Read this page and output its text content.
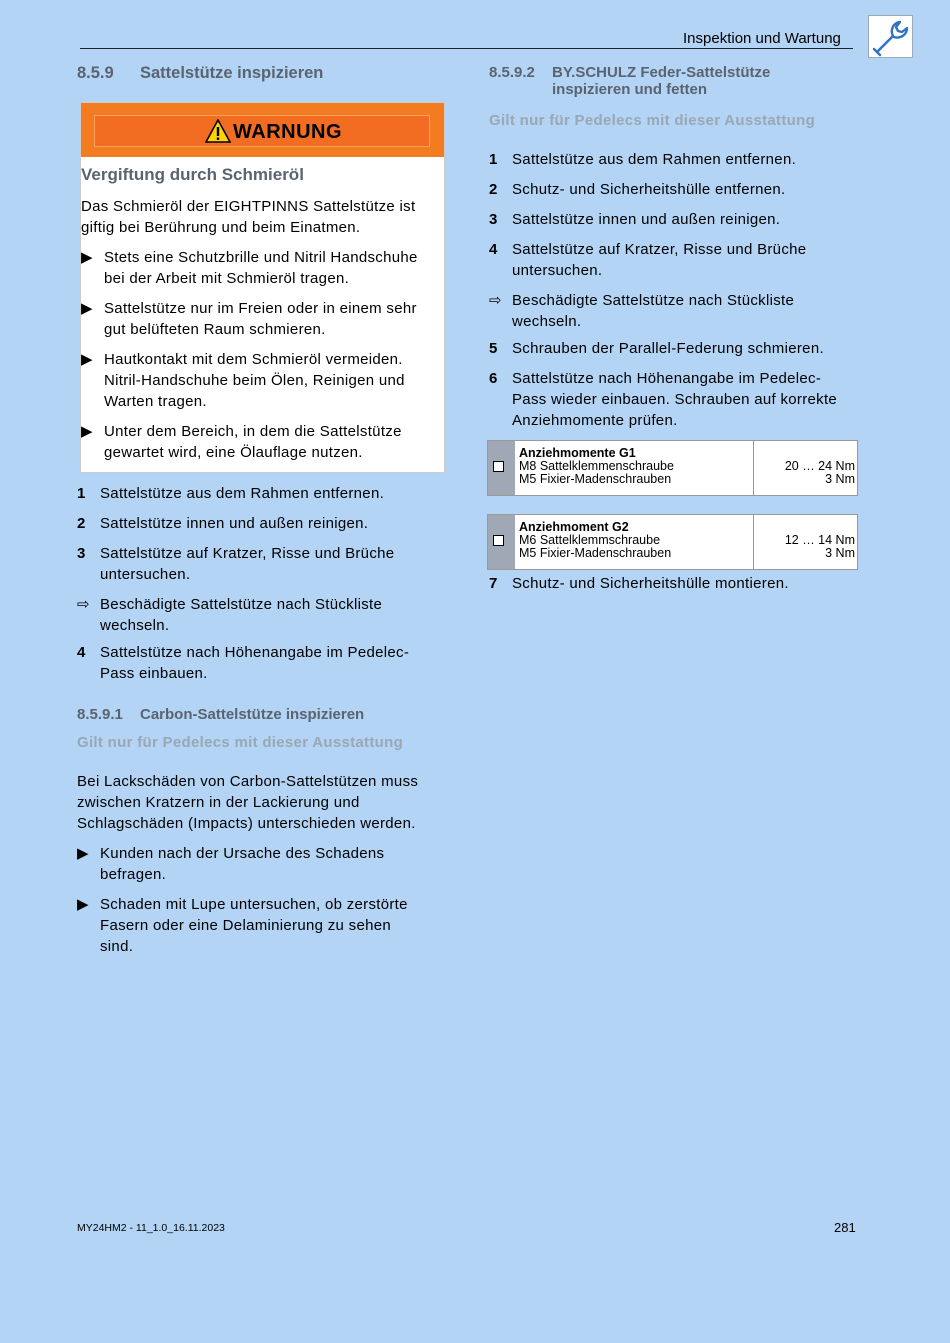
Inspektion und Wartung
8.5.9 Sattelstütze inspizieren
WARNUNG
Vergiftung durch Schmieröl
Das Schmieröl der EIGHTPINNS Sattelstütze ist
giftig bei Berührung und beim Einatmen.
▶ Stets eine Schutzbrille und Nitril Handschuhe
bei der Arbeit mit Schmieröl tragen.
▶ Sattelstütze nur im Freien oder in einem sehr
gut belüfteten Raum schmieren.
▶ Hautkontakt mit dem Schmieröl vermeiden.
Nitril-Handschuhe beim Ölen, Reinigen und
Warten tragen.
▶ Unter dem Bereich, in dem die Sattelstütze
gewartet wird, eine Ölauflage nutzen.
1 Sattelstütze aus dem Rahmen entfernen.
2 Sattelstütze innen und außen reinigen.
3 Sattelstütze auf Kratzer, Risse und Brüche
untersuchen.
⇨ Beschädigte Sattelstütze nach Stückliste
wechseln.
4 Sattelstütze nach Höhenangabe im Pedelec-
Pass einbauen.
8.5.9.1 Carbon-Sattelstütze inspizieren
Gilt nur für Pedelecs mit dieser Ausstattung
Bei Lackschäden von Carbon-Sattelstützen muss
zwischen Kratzern in der Lackierung und
Schlagschäden (Impacts) unterschieden werden.
▶ Kunden nach der Ursache des Schadens
befragen.
▶ Schaden mit Lupe untersuchen, ob zerstörte
Fasern oder eine Delaminierung zu sehen
sind.
8.5.9.2 BY.SCHULZ Feder-Sattelstütze
inspizieren und fetten
Gilt nur für Pedelecs mit dieser Ausstattung
1 Sattelstütze aus dem Rahmen entfernen.
2 Schutz- und Sicherheitshülle entfernen.
3 Sattelstütze innen und außen reinigen.
4 Sattelstütze auf Kratzer, Risse und Brüche
untersuchen.
⇨ Beschädigte Sattelstütze nach Stückliste
wechseln.
5 Schrauben der Parallel-Federung schmieren.
6 Sattelstütze nach Höhenangabe im Pedelec-
Pass wieder einbauen. Schrauben auf korrekte
Anziehmomente prüfen.
Anziehmomente G1
M8 Sattelklemmenschraube
M5 Fixier-Madenschrauben
20 … 24 Nm
3 Nm
Anziehmoment G2
M6 Sattelklemmschraube
M5 Fixier-Madenschrauben
12 … 14 Nm
3 Nm
7 Schutz- und Sicherheitshülle montieren.
MY24HM2 - 11_1.0_16.11.2023	281
